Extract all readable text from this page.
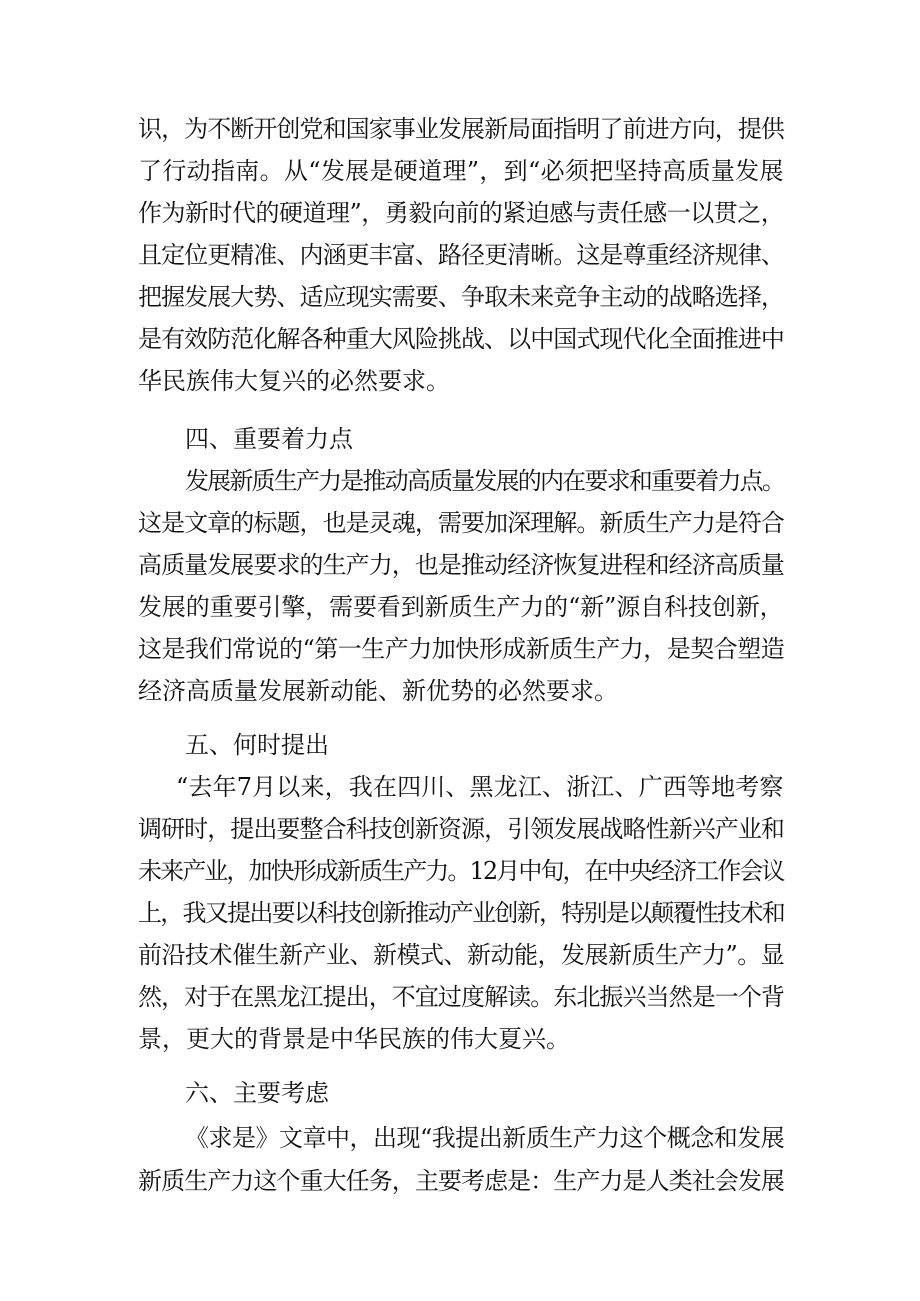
识，为不断开创党和国家事业发展新局面指明了前进方向，提供
了行动指南。从“发展是硬道理”，到“必须把坚持高质量发展
作为新时代的硬道理”，勇毅向前的紧迫感与责任感一以贯之，
且定位更精准、内涵更丰富、路径更清晰。这是尊重经济规律、
把握发展大势、适应现实需要、争取未来竞争主动的战略选择，
是有效防范化解各种重大风险挑战、以中国式现代化全面推进中
华民族伟大复兴的必然要求。
四、重要着力点
发展新质生产力是推动高质量发展的内在要求和重要着力点。
这是文章的标题，也是灵魂，需要加深理解。新质生产力是符合
高质量发展要求的生产力，也是推动经济恢复进程和经济高质量
发展的重要引擎，需要看到新质生产力的“新”源自科技创新，
这是我们常说的“第一生产力加快形成新质生产力，是契合塑造
经济高质量发展新动能、新优势的必然要求。
五、何时提出
“去年7月以来，我在四川、黑龙江、浙江、广西等地考察
调研时，提出要整合科技创新资源，引领发展战略性新兴产业和
未来产业，加快形成新质生产力。12月中旬，在中央经济工作会议
上，我又提出要以科技创新推动产业创新，特别是以颠覆性技术和
前沿技术催生新产业、新模式、新动能，发展新质生产力”。显
然，对于在黑龙江提出，不宜过度解读。东北振兴当然是一个背
景，更大的背景是中华民族的伟大夏兴。
六、主要考虑
《求是》文章中，出现“我提出新质生产力这个概念和发展
新质生产力这个重大任务，主要考虑是：生产力是人类社会发展
